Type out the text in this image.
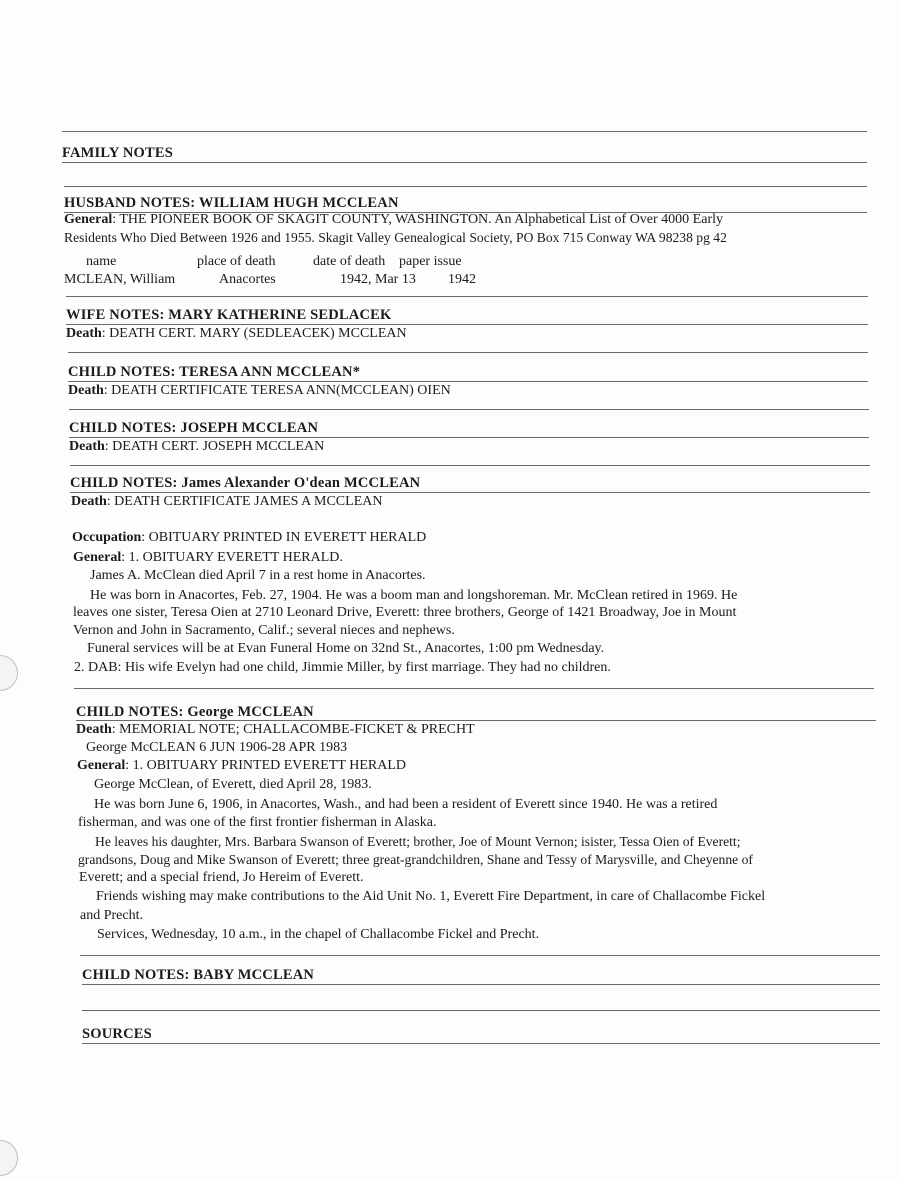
FAMILY NOTES
HUSBAND NOTES: WILLIAM HUGH MCCLEAN
General: THE PIONEER BOOK OF SKAGIT COUNTY, WASHINGTON. An Alphabetical List of Over 4000 Early
Residents Who Died Between 1926 and 1955. Skagit Valley Genealogical Society, PO Box 715 Conway WA 98238 pg 42
name	place of death	date of death paper issue
MCLEAN, William	Anacortes	1942, Mar 13 1942
WIFE NOTES: MARY KATHERINE SEDLACEK
Death: DEATH CERT. MARY (SEDLEACEK) MCCLEAN
CHILD NOTES: TERESA ANN MCCLEAN*
Death: DEATH CERTIFICATE TERESA ANN(MCCLEAN) OIEN
CHILD NOTES: JOSEPH MCCLEAN
Death: DEATH CERT. JOSEPH MCCLEAN
CHILD NOTES: James Alexander O'dean MCCLEAN
Death: DEATH CERTIFICATE JAMES A MCCLEAN
Occupation: OBITUARY PRINTED IN EVERETT HERALD
General: 1. OBITUARY EVERETT HERALD.
James A. McClean died April 7 in a rest home in Anacortes.
He was born in Anacortes, Feb. 27, 1904. He was a boom man and longshoreman. Mr. McClean retired in 1969. He
leaves one sister, Teresa Oien at 2710 Leonard Drive, Everett: three brothers, George of 1421 Broadway, Joe in Mount
Vernon and John in Sacramento, Calif.; several nieces and nephews.
Funeral services will be at Evan Funeral Home on 32nd St., Anacortes, 1:00 pm Wednesday.
2. DAB: His wife Evelyn had one child, Jimmie Miller, by first marriage. They had no children.
CHILD NOTES: George MCCLEAN
Death: MEMORIAL NOTE; CHALLACOMBE-FICKET & PRECHT
George McCLEAN 6 JUN 1906-28 APR 1983
General: 1. OBITUARY PRINTED EVERETT HERALD
George McClean, of Everett, died April 28, 1983.
He was born June 6, 1906, in Anacortes, Wash., and had been a resident of Everett since 1940. He was a retired
fisherman, and was one of the first frontier fisherman in Alaska.
He leaves his daughter, Mrs. Barbara Swanson of Everett; brother, Joe of Mount Vernon; isister, Tessa Oien of Everett;
grandsons, Doug and Mike Swanson of Everett; three great-grandchildren, Shane and Tessy of Marysville, and Cheyenne of
Everett; and a special friend, Jo Hereim of Everett.
Friends wishing may make contributions to the Aid Unit No. 1, Everett Fire Department, in care of Challacombe Fickel
and Precht.
Services, Wednesday, 10 a.m., in the chapel of Challacombe Fickel and Precht.
CHILD NOTES: BABY MCCLEAN
SOURCES
